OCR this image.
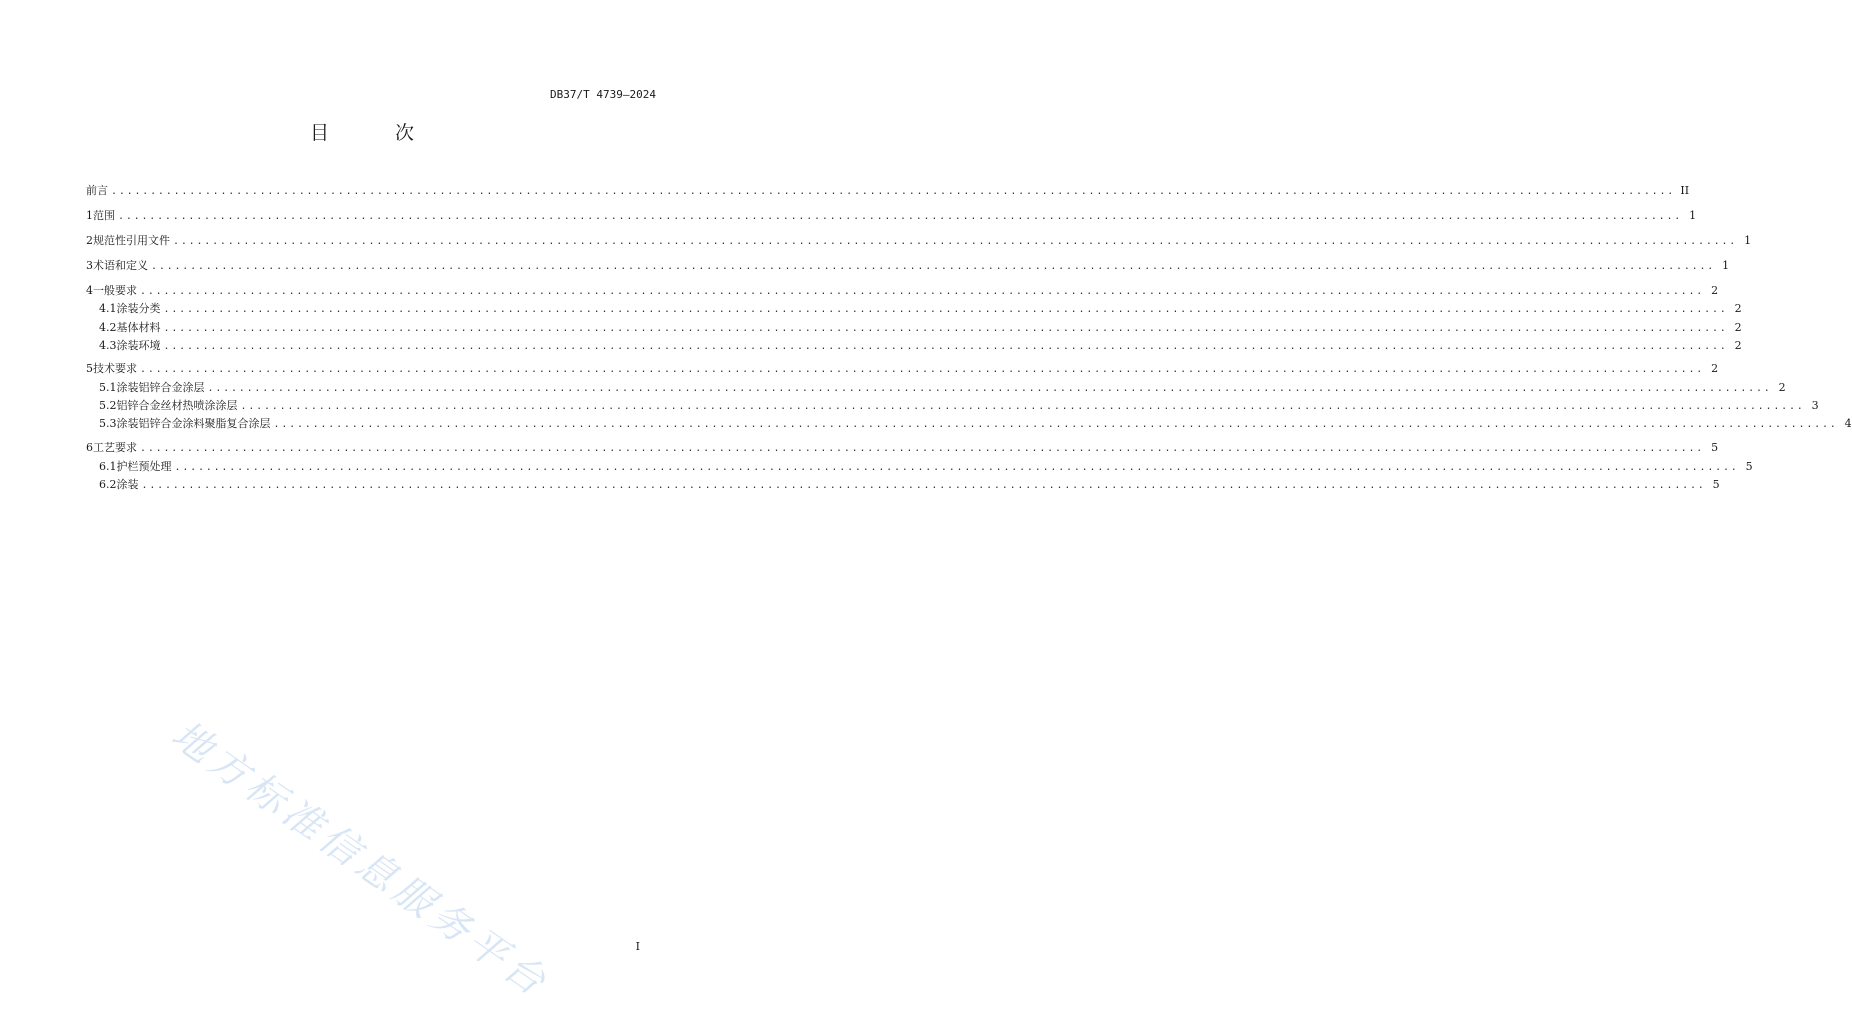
DB37/T 4739—2024
目 次
前言 ........................................................................................................................................................................................................ II
1 范围 ........................................................................................................................................................................................................ 1
2 规范性引用文件 ........................................................................................................................................................................................................ 1
3 术语和定义 ........................................................................................................................................................................................................ 1
4 一般要求 ........................................................................................................................................................................................................ 2
4.1 涂装分类 ........................................................................................................................................................................................................ 2
4.2 基体材料 ........................................................................................................................................................................................................ 2
4.3 涂装环境 ........................................................................................................................................................................................................ 2
5 技术要求 ........................................................................................................................................................................................................ 2
5.1 涂装铝锌合金涂层 ........................................................................................................................................................................................................ 2
5.2 铝锌合金丝材热喷涂涂层 ........................................................................................................................................................................................................ 3
5.3 涂装铝锌合金涂料聚脂复合涂层 ........................................................................................................................................................................................................ 4
6 工艺要求 ........................................................................................................................................................................................................ 5
6.1 护栏预处理 ........................................................................................................................................................................................................ 5
6.2 涂装 ........................................................................................................................................................................................................ 5
地方标准信息服务平台	I
